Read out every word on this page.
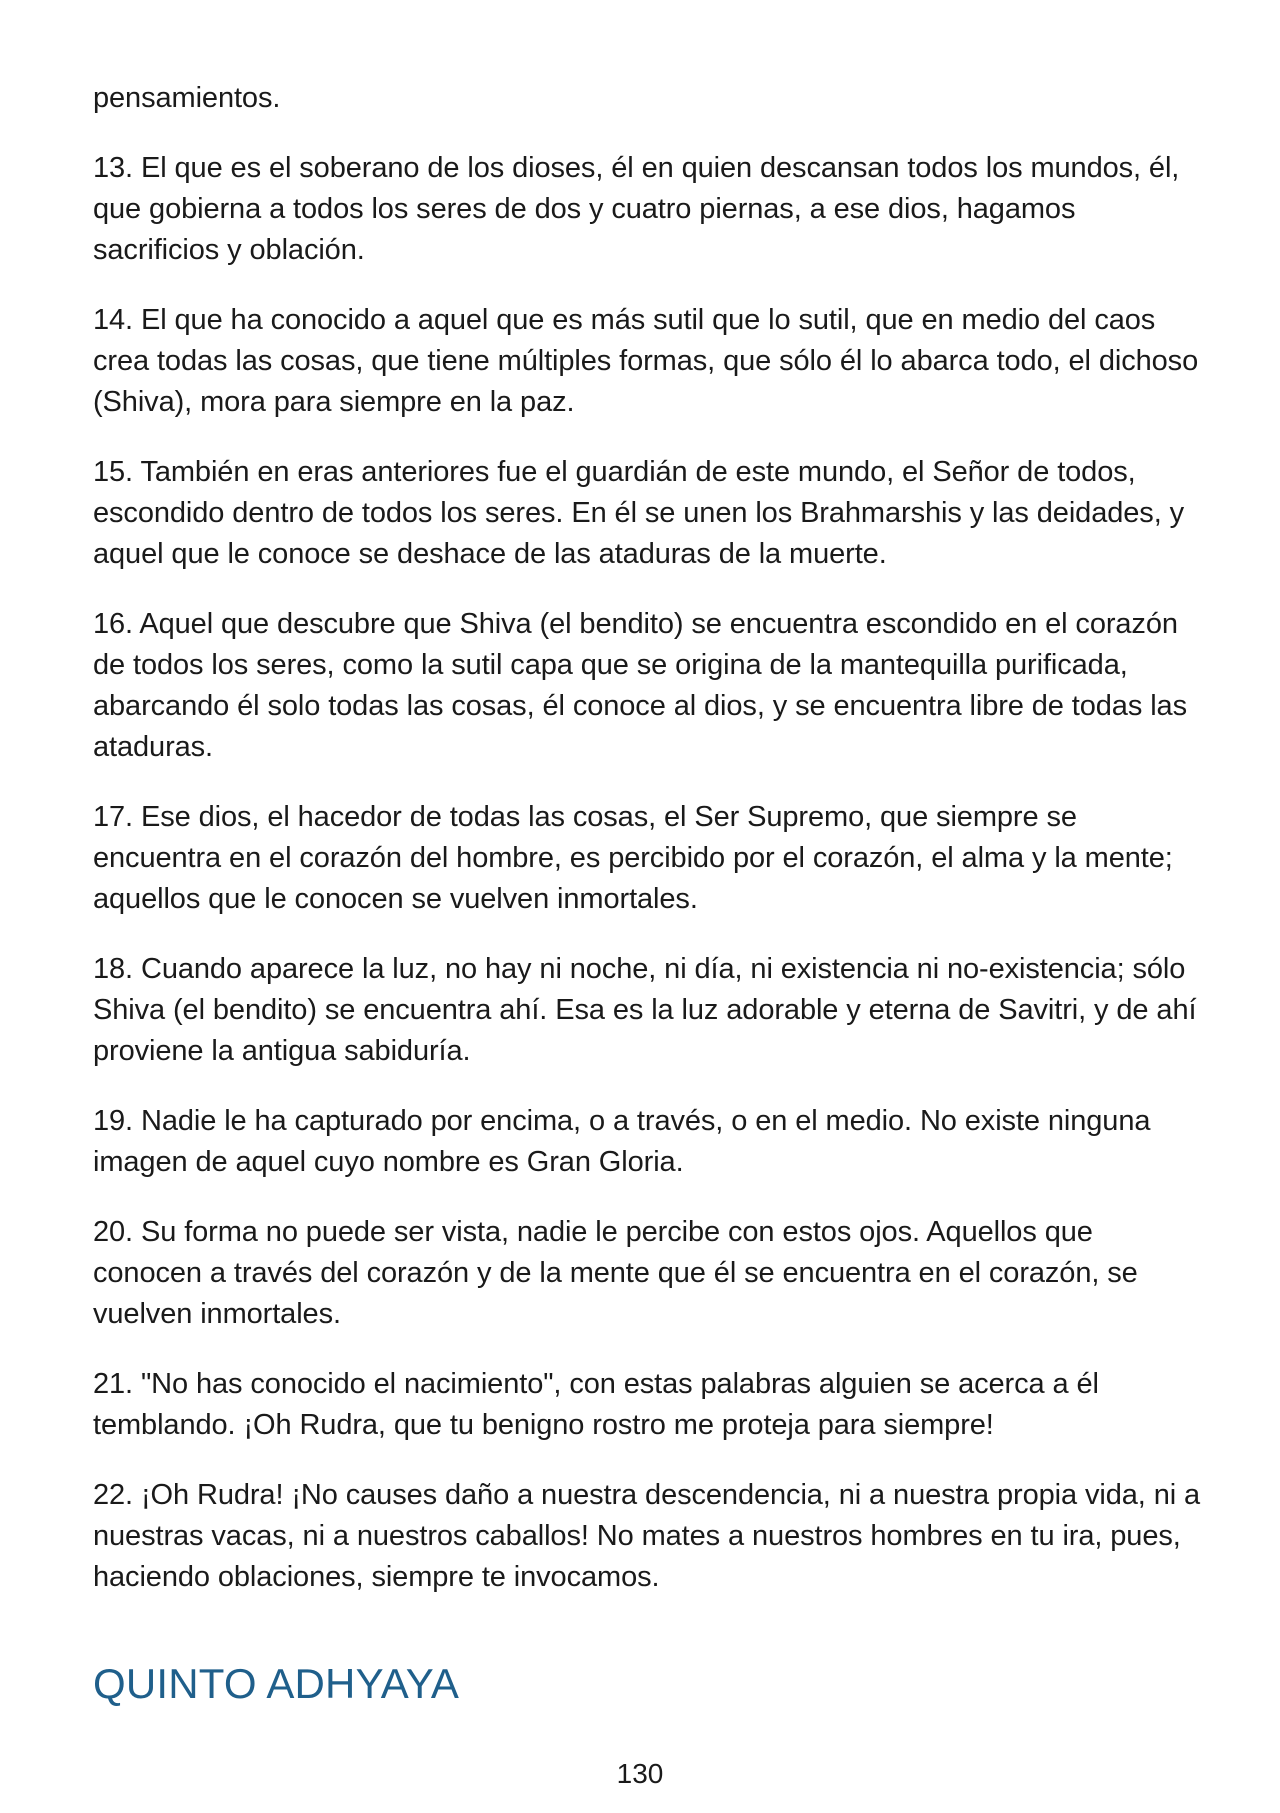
pensamientos.

13. El que es el soberano de los dioses, él en quien descansan todos los mundos, él, que gobierna a todos los seres de dos y cuatro piernas, a ese dios, hagamos sacrificios y oblación.

14. El que ha conocido a aquel que es más sutil que lo sutil, que en medio del caos crea todas las cosas, que tiene múltiples formas, que sólo él lo abarca todo, el dichoso (Shiva), mora para siempre en la paz.

15. También en eras anteriores fue el guardián de este mundo, el Señor de todos, escondido dentro de todos los seres. En él se unen los Brahmarshis y las deidades, y aquel que le conoce se deshace de las ataduras de la muerte.

16. Aquel que descubre que Shiva (el bendito) se encuentra escondido en el corazón de todos los seres, como la sutil capa que se origina de la mantequilla purificada, abarcando él solo todas las cosas, él conoce al dios, y se encuentra libre de todas las ataduras.

17. Ese dios, el hacedor de todas las cosas, el Ser Supremo, que siempre se encuentra en el corazón del hombre, es percibido por el corazón, el alma y la mente; aquellos que le conocen se vuelven inmortales.

18. Cuando aparece la luz, no hay ni noche, ni día, ni existencia ni no-existencia; sólo Shiva (el bendito) se encuentra ahí. Esa es la luz adorable y eterna de Savitri, y de ahí proviene la antigua sabiduría.

19. Nadie le ha capturado por encima, o a través, o en el medio. No existe ninguna imagen de aquel cuyo nombre es Gran Gloria.

20. Su forma no puede ser vista, nadie le percibe con estos ojos. Aquellos que conocen a través del corazón y de la mente que él se encuentra en el corazón, se vuelven inmortales.

21. "No has conocido el nacimiento", con estas palabras alguien se acerca a él temblando. ¡Oh Rudra, que tu benigno rostro me proteja para siempre!

22. ¡Oh Rudra! ¡No causes daño a nuestra descendencia, ni a nuestra propia vida, ni a nuestras vacas, ni a nuestros caballos! No mates a nuestros hombres en tu ira, pues, haciendo oblaciones, siempre te invocamos.

QUINTO ADHYAYA
130
